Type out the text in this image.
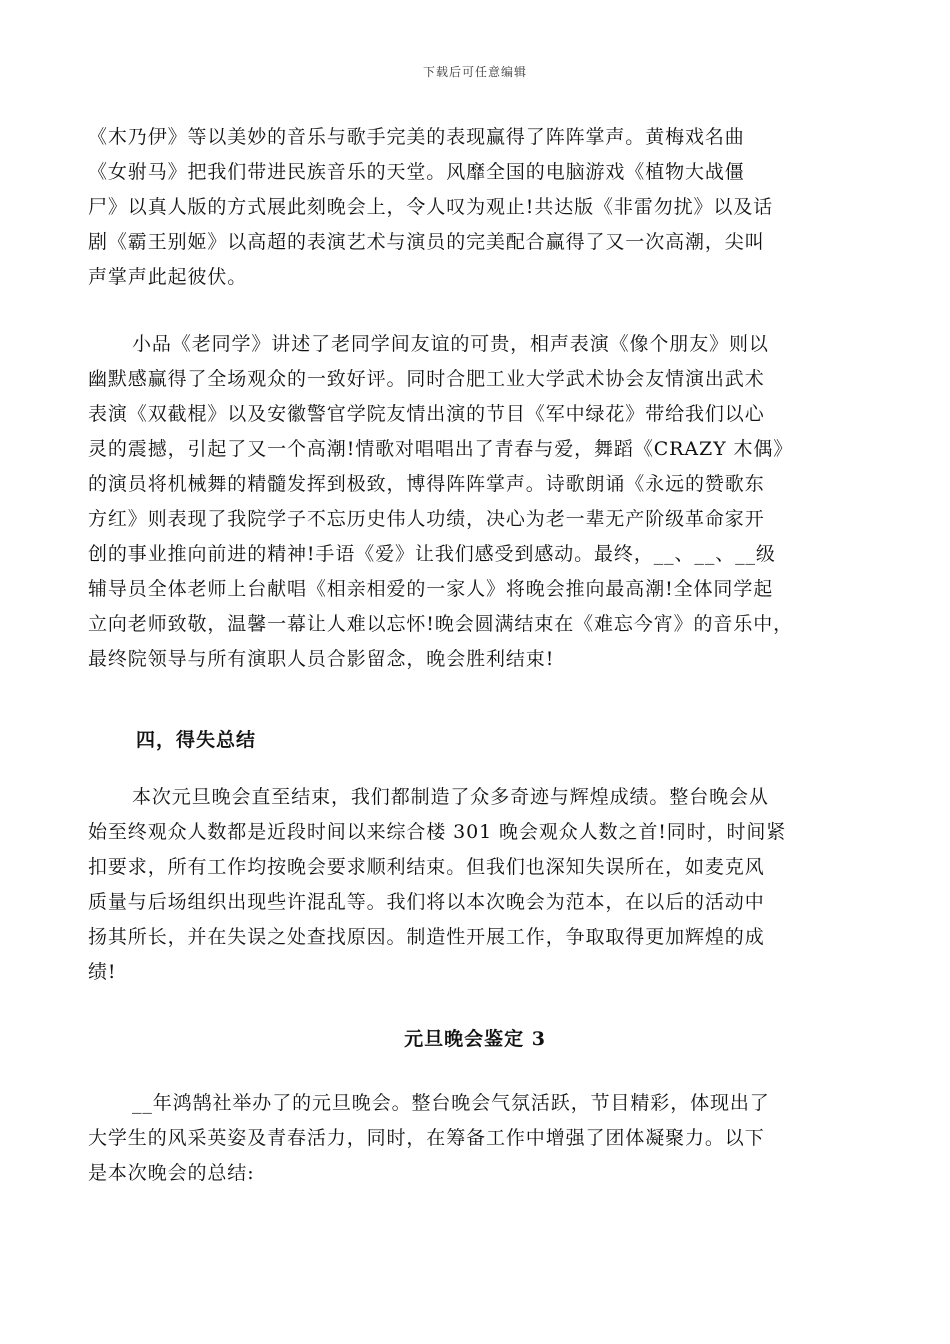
下载后可任意编辑

《木乃伊》等以美妙的音乐与歌手完美的表现赢得了阵阵掌声。黄梅戏名曲
《女驸马》把我们带进民族音乐的天堂。风靡全国的电脑游戏《植物大战僵
尸》以真人版的方式展此刻晚会上，令人叹为观止!共达版《非雷勿扰》以及话
剧《霸王别姬》以高超的表演艺术与演员的完美配合赢得了又一次高潮，尖叫
声掌声此起彼伏。

小品《老同学》讲述了老同学间友谊的可贵，相声表演《像个朋友》则以
幽默感赢得了全场观众的一致好评。同时合肥工业大学武术协会友情演出武术
表演《双截棍》以及安徽警官学院友情出演的节目《军中绿花》带给我们以心
灵的震撼，引起了又一个高潮!情歌对唱唱出了青春与爱，舞蹈《CRAZY 木偶》
的演员将机械舞的精髓发挥到极致，博得阵阵掌声。诗歌朗诵《永远的赞歌东
方红》则表现了我院学子不忘历史伟人功绩，决心为老一辈无产阶级革命家开
创的事业推向前进的精神!手语《爱》让我们感受到感动。最终，__、__、__级
辅导员全体老师上台献唱《相亲相爱的一家人》将晚会推向最高潮!全体同学起
立向老师致敬，温馨一幕让人难以忘怀!晚会圆满结束在《难忘今宵》的音乐中，
最终院领导与所有演职人员合影留念，晚会胜利结束!

四，得失总结

本次元旦晚会直至结束，我们都制造了众多奇迹与辉煌成绩。整台晚会从
始至终观众人数都是近段时间以来综合楼 301 晚会观众人数之首!同时，时间紧
扣要求，所有工作均按晚会要求顺利结束。但我们也深知失误所在，如麦克风
质量与后场组织出现些许混乱等。我们将以本次晚会为范本，在以后的活动中
扬其所长，并在失误之处查找原因。制造性开展工作，争取取得更加辉煌的成
绩!

元旦晚会鉴定 3

__年鸿鹄社举办了的元旦晚会。整台晚会气氛活跃，节目精彩，体现出了
大学生的风采英姿及青春活力，同时，在筹备工作中增强了团体凝聚力。以下
是本次晚会的总结:
